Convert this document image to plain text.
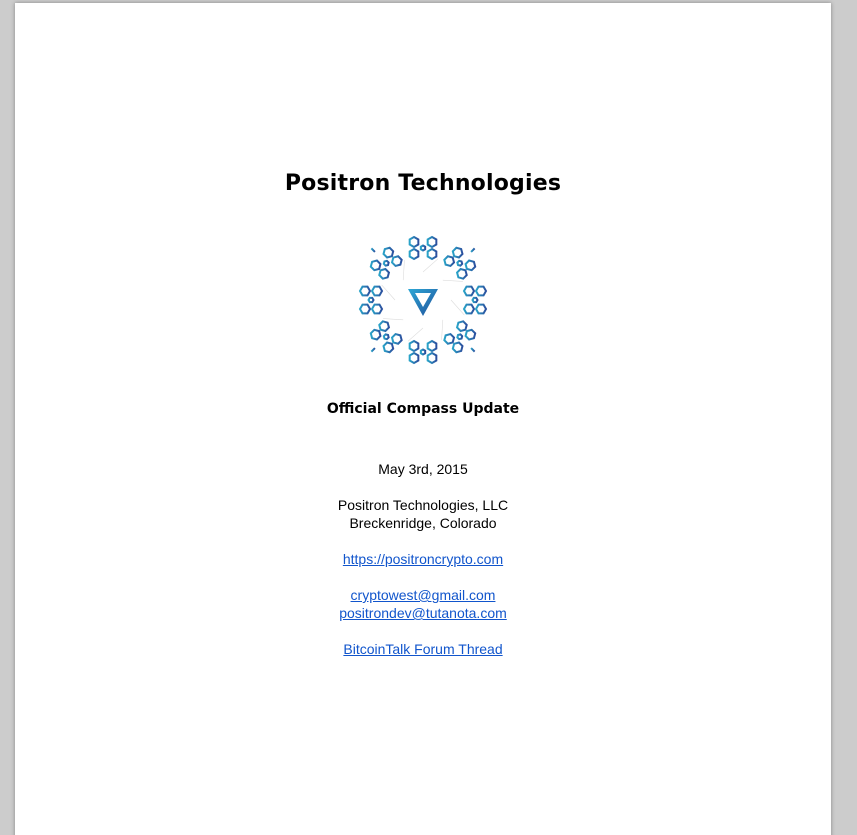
Positron Technologies
Official Compass Update
May 3rd, 2015
Positron Technologies, LLC
Breckenridge, Colorado
https://positroncrypto.com
cryptowest@gmail.com
positrondev@tutanota.com
BitcoinTalk Forum Thread
